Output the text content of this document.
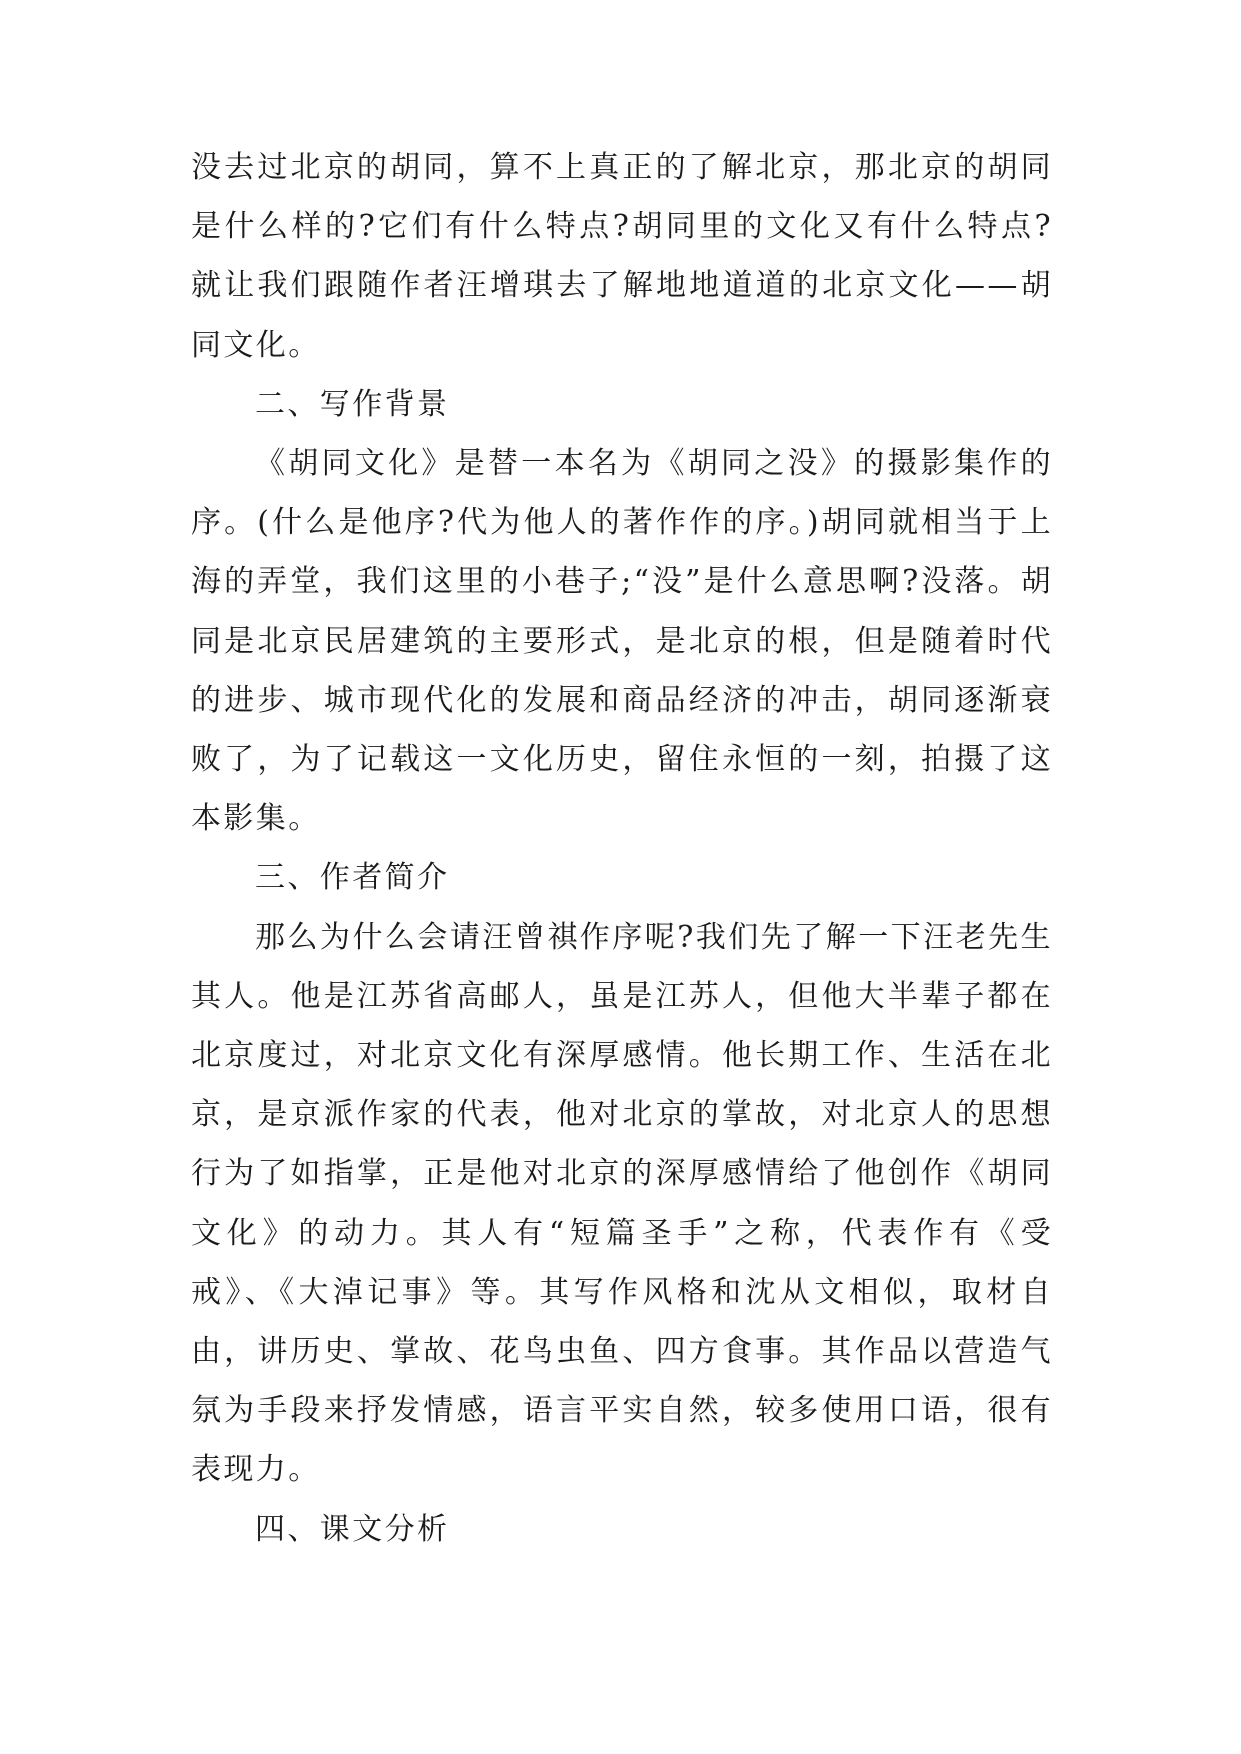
没去过北京的胡同，算不上真正的了解北京，那北京的胡同是什么样的?它们有什么特点?胡同里的文化又有什么特点?就让我们跟随作者汪增琪去了解地地道道的北京文化——胡同文化。

二、写作背景

《胡同文化》是替一本名为《胡同之没》的摄影集作的序。(什么是他序?代为他人的著作作的序。)胡同就相当于上海的弄堂，我们这里的小巷子;“没”是什么意思啊?没落。胡同是北京民居建筑的主要形式，是北京的根，但是随着时代的进步、城市现代化的发展和商品经济的冲击，胡同逐渐衰败了，为了记载这一文化历史，留住永恒的一刻，拍摄了这本影集。

三、作者简介

那么为什么会请汪曾祺作序呢?我们先了解一下汪老先生其人。他是江苏省高邮人，虽是江苏人，但他大半辈子都在北京度过，对北京文化有深厚感情。他长期工作、生活在北京，是京派作家的代表，他对北京的掌故，对北京人的思想行为了如指掌，正是他对北京的深厚感情给了他创作《胡同文化》的动力。其人有“短篇圣手”之称，代表作有《受戒》、《大淖记事》等。其写作风格和沈从文相似，取材自由，讲历史、掌故、花鸟虫鱼、四方食事。其作品以营造气氛为手段来抒发情感，语言平实自然，较多使用口语，很有表现力。

四、课文分析
